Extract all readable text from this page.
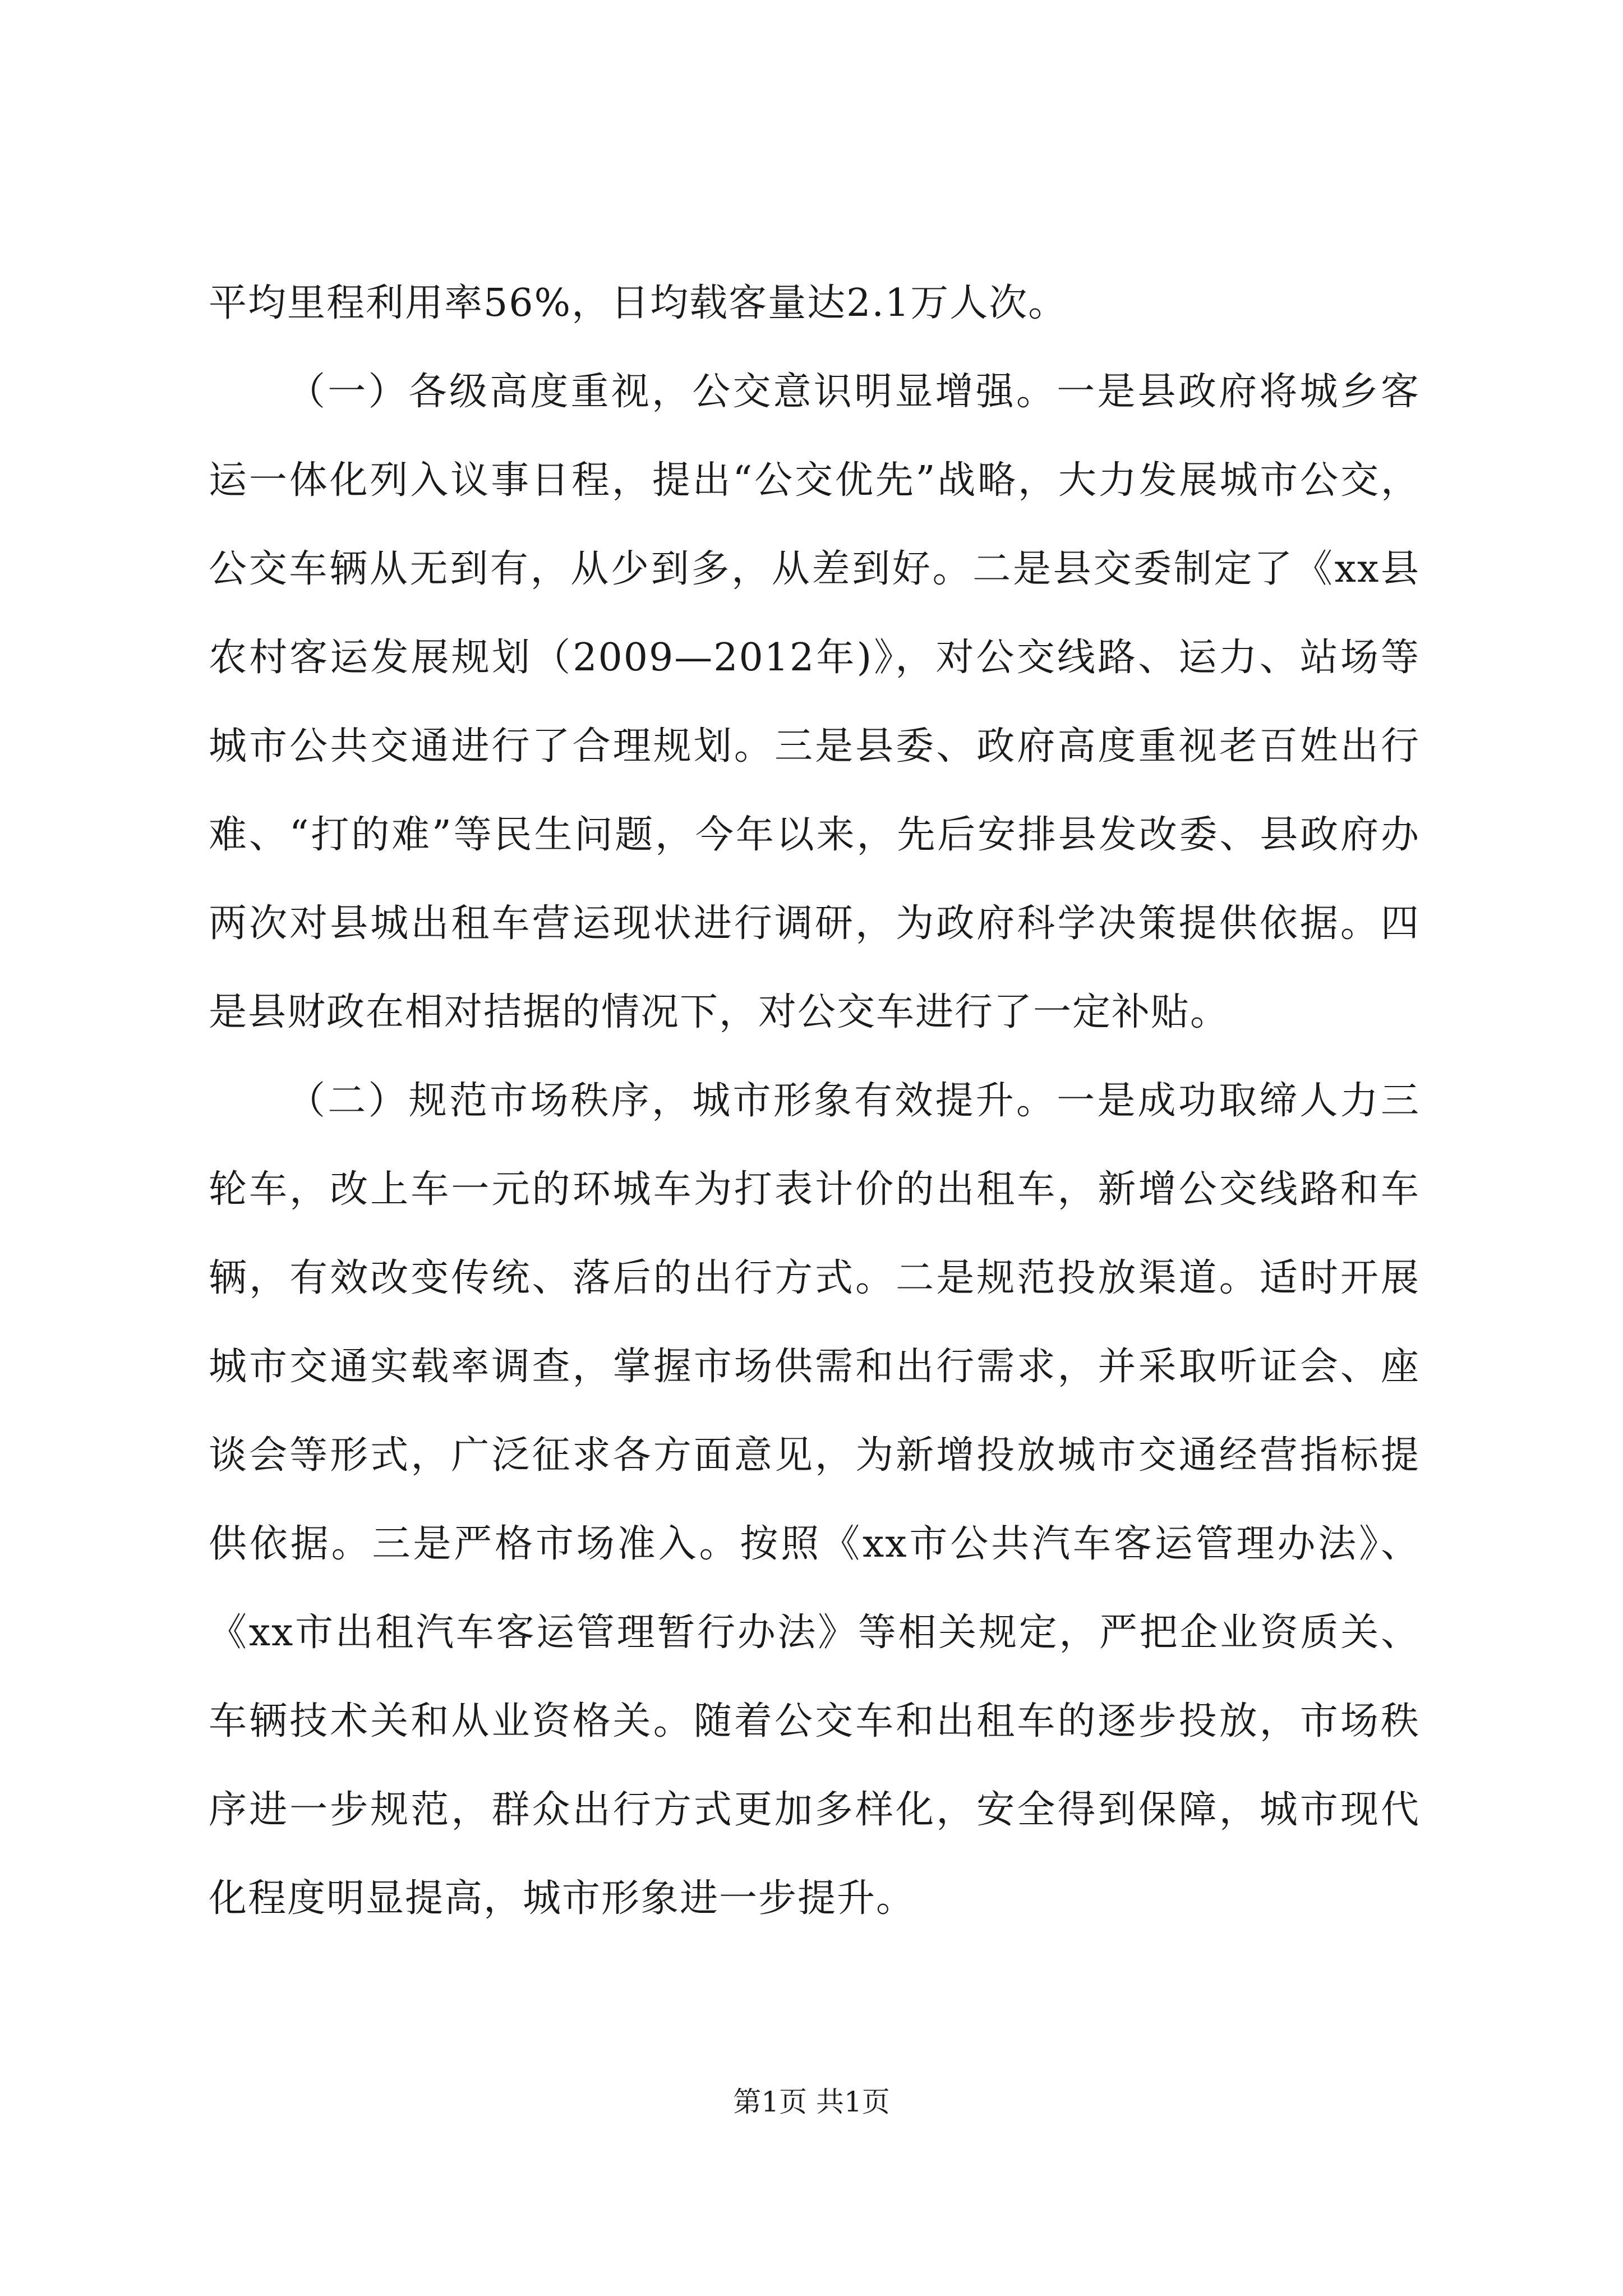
平均里程利用率56%，日均载客量达2.1万人次。

（一）各级高度重视，公交意识明显增强。一是县政府将城乡客运一体化列入议事日程，提出“公交优先”战略，大力发展城市公交，公交车辆从无到有，从少到多，从差到好。二是县交委制定了《xx县农村客运发展规划（2009—2012年)》，对公交线路、运力、站场等城市公共交通进行了合理规划。三是县委、政府高度重视老百姓出行难、“打的难”等民生问题，今年以来，先后安排县发改委、县政府办两次对县城出租车营运现状进行调研，为政府科学决策提供依据。四是县财政在相对拮据的情况下，对公交车进行了一定补贴。

（二）规范市场秩序，城市形象有效提升。一是成功取缔人力三轮车，改上车一元的环城车为打表计价的出租车，新增公交线路和车辆，有效改变传统、落后的出行方式。二是规范投放渠道。适时开展城市交通实载率调查，掌握市场供需和出行需求，并采取听证会、座谈会等形式，广泛征求各方面意见，为新增投放城市交通经营指标提供依据。三是严格市场准入。按照《xx市公共汽车客运管理办法》、《xx市出租汽车客运管理暂行办法》等相关规定，严把企业资质关、车辆技术关和从业资格关。随着公交车和出租车的逐步投放，市场秩序进一步规范，群众出行方式更加多样化，安全得到保障，城市现代化程度明显提高，城市形象进一步提升。

第1页 共1页
